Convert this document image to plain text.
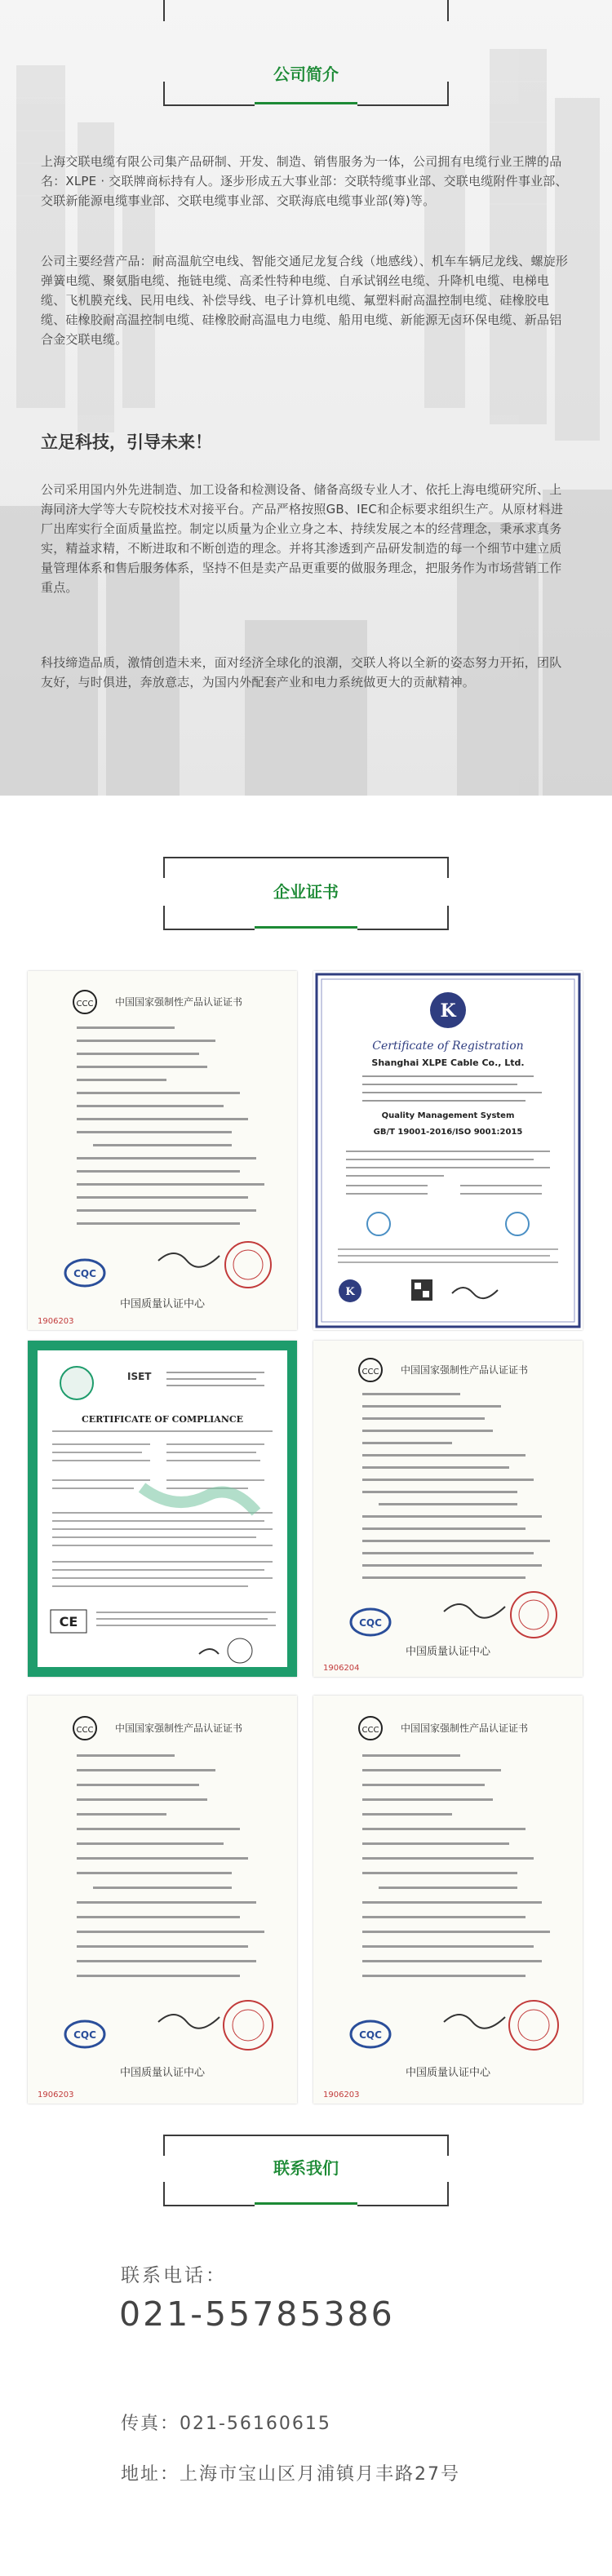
公司简介

上海交联电缆有限公司集产品研制、开发、制造、销售服务为一体，公司拥有电缆行业王牌的品名：XLPE · 交联牌商标持有人。逐步形成五大事业部：交联特缆事业部、交联电缆附件事业部、交联新能源电缆事业部、交联电缆事业部、交联海底电缆事业部(筹)等。

公司主要经营产品：耐高温航空电线、智能交通尼龙复合线（地感线）、机车车辆尼龙线、螺旋形弹簧电缆、聚氨脂电缆、拖链电缆、高柔性特种电缆、自承试钢丝电缆、升降机电缆、电梯电缆、飞机膜充线、民用电线、补偿导线、电子计算机电缆、氟塑料耐高温控制电缆、硅橡胶电缆、硅橡胶耐高温控制电缆、硅橡胶耐高温电力电缆、船用电缆、新能源无卤环保电缆、新品铝合金交联电缆。

立足科技，引导未来！

公司采用国内外先进制造、加工设备和检测设备、储备高级专业人才、依托上海电缆研究所、上海同济大学等大专院校技术对接平台。产品严格按照GB、IEC和企标要求组织生产。从原材料进厂出库实行全面质量监控。制定以质量为企业立身之本、持续发展之本的经营理念，秉承求真务实，精益求精，不断进取和不断创造的理念。并将其渗透到产品研发制造的每一个细节中建立质量管理体系和售后服务体系，坚持不但是卖产品更重要的做服务理念，把服务作为市场营销工作重点。

科技缔造品质，激情创造未来，面对经济全球化的浪潮，交联人将以全新的姿态努力开拓，团队友好，与时俱进，奔放意志，为国内外配套产业和电力系统做更大的贡献精神。

企业证书
CCC 中国国家强制性产品认证证书
CQC
中国质量认证中心
1906203
K
Certificate of Registration
Shanghai XLPE Cable Co., Ltd.
Quality Management System
GB/T 19001-2016/ISO 9001:2015
K
ISET
CERTIFICATE OF COMPLIANCE
CE
CCC 中国国家强制性产品认证证书
CQC
中国质量认证中心
1906204
CCC 中国国家强制性产品认证证书
CQC
中国质量认证中心
1906203
CCC 中国国家强制性产品认证证书
CQC
中国质量认证中心
1906203
联系我们
联系电话：
021-55785386
传真：021-56160615
地址：上海市宝山区月浦镇月丰路27号
